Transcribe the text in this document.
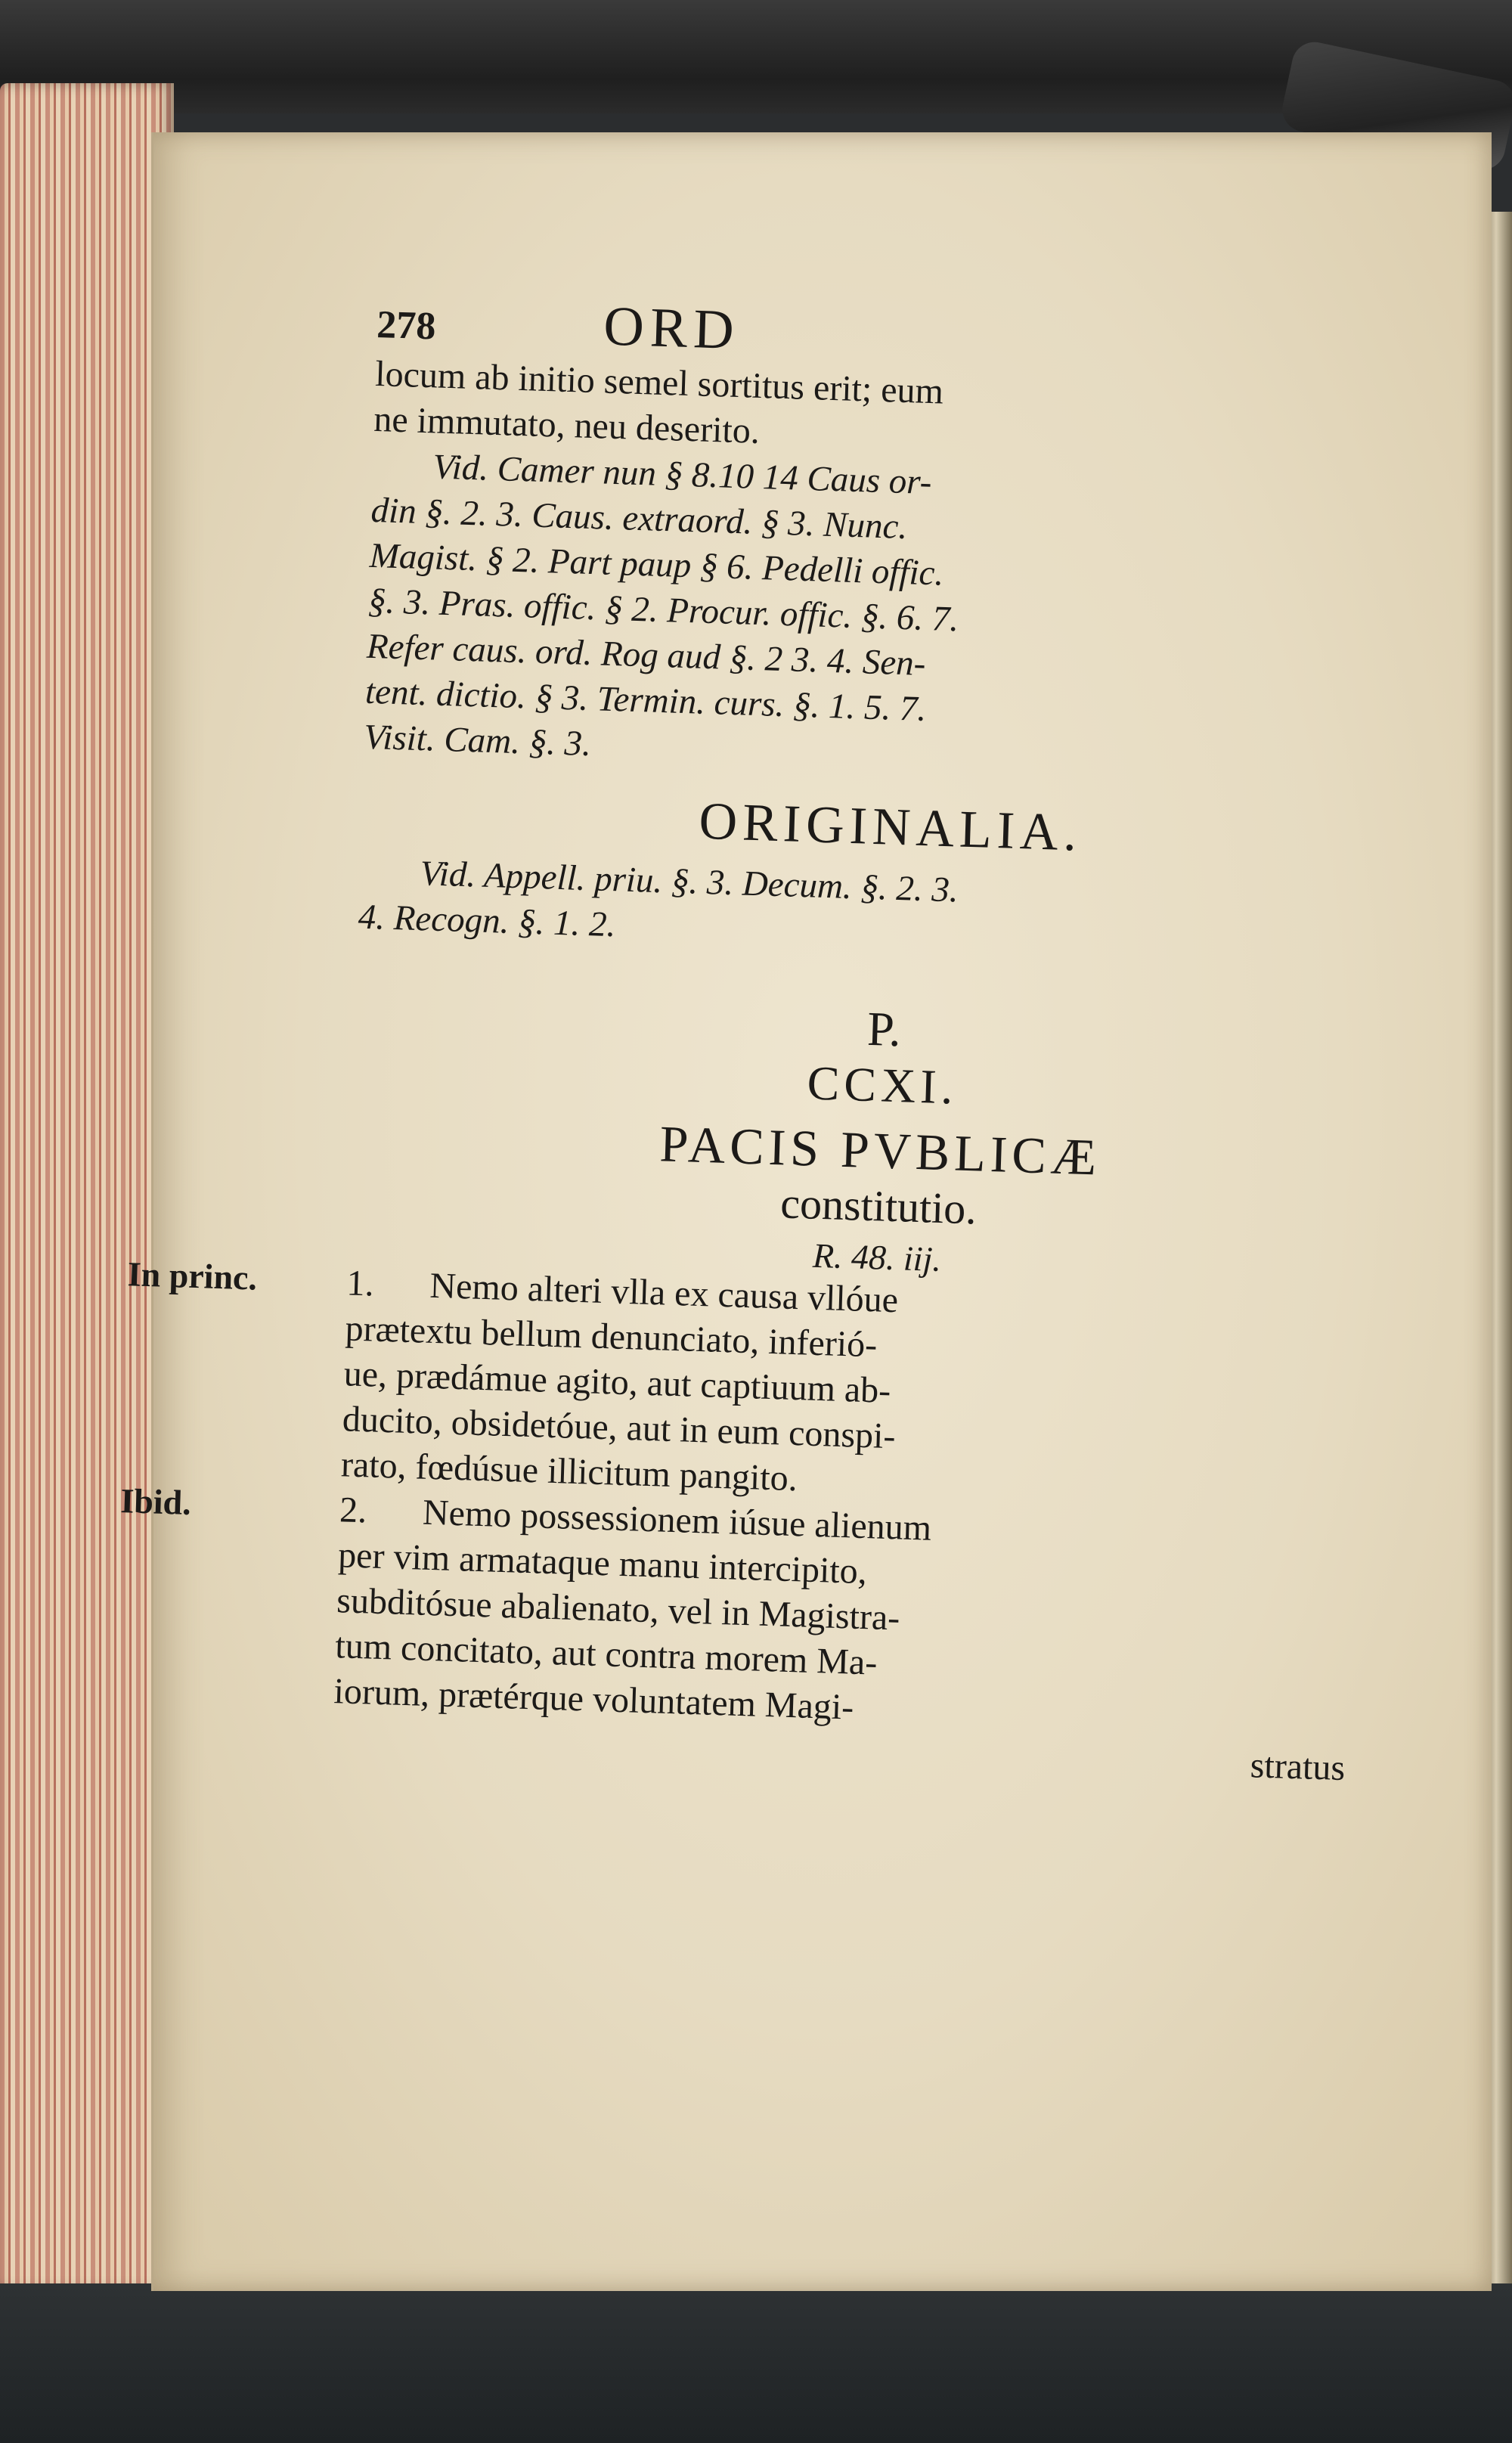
278	ORD
locum ab initio semel sortitus erit; eum
ne immutato, neu deserito.
Vid. Camer nun § 8.10 14 Caus or-
din §. 2. 3. Caus. extraord. § 3. Nunc.
Magist. § 2. Part paup § 6. Pedelli offic.
§. 3. Pras. offic. § 2. Procur. offic. §. 6. 7.
Refer caus. ord. Rog aud §. 2 3. 4. Sen-
tent. dictio. § 3. Termin. curs. §. 1. 5. 7.
Visit. Cam. §. 3.
ORIGINALIA.
Vid. Appell. priu. §. 3. Decum. §. 2. 3.
4. Recogn. §. 1. 2.
P.
CCXI.
PACIS PVBLICÆ
constitutio.
R. 48. iij.
In princ.	1. Nemo alteri vlla ex causa vllóue
prætextu bellum denunciato, inferió-
ue, prædámue agito, aut captiuum ab-
ducito, obsidetóue, aut in eum conspi-
rato, fœdúsue illicitum pangito.
Ibid.	2. Nemo possessionem iúsue alienum
per vim armataque manu intercipito,
subditósue abalienato, vel in Magistra-
tum concitato, aut contra morem Ma-
iorum, prætérque voluntatem Magi-
stratus
